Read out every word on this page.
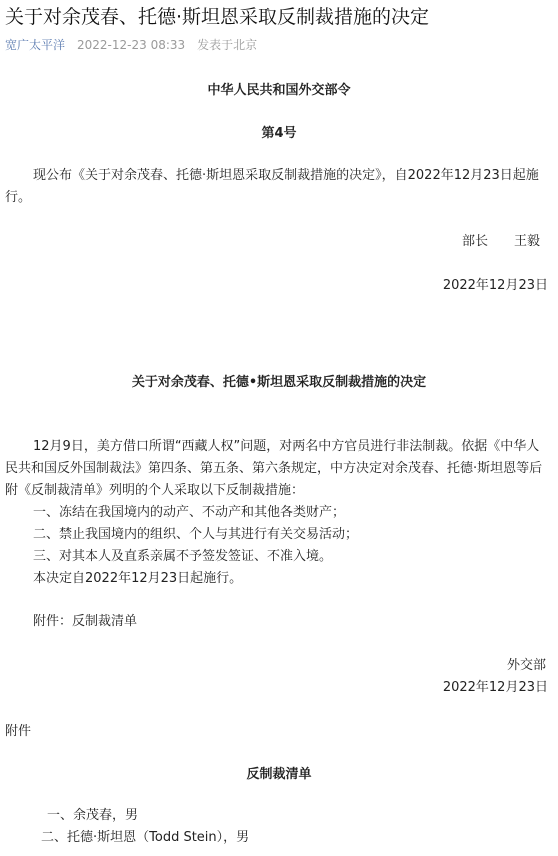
关于对余茂春、托德·斯坦恩采取反制裁措施的决定
宽广太平洋 2022-12-23 08:33 发表于北京
中华人民共和国外交部令
第4号
现公布《关于对余茂春、托德·斯坦恩采取反制裁措施的决定》，自2022年12月23日起施行。
部长　　王毅
2022年12月23日
关于对余茂春、托德•斯坦恩采取反制裁措施的决定
12月9日，美方借口所谓“西藏人权”问题，对两名中方官员进行非法制裁。依据《中华人民共和国反外国制裁法》第四条、第五条、第六条规定，中方决定对余茂春、托德·斯坦恩等后附《反制裁清单》列明的个人采取以下反制裁措施：
一、冻结在我国境内的动产、不动产和其他各类财产；
二、禁止我国境内的组织、个人与其进行有关交易活动；
三、对其本人及直系亲属不予签发签证、不准入境。
本决定自2022年12月23日起施行。
附件：反制裁清单
外交部
2022年12月23日
附件
反制裁清单
一、余茂春，男
二、托德·斯坦恩（Todd Stein），男
